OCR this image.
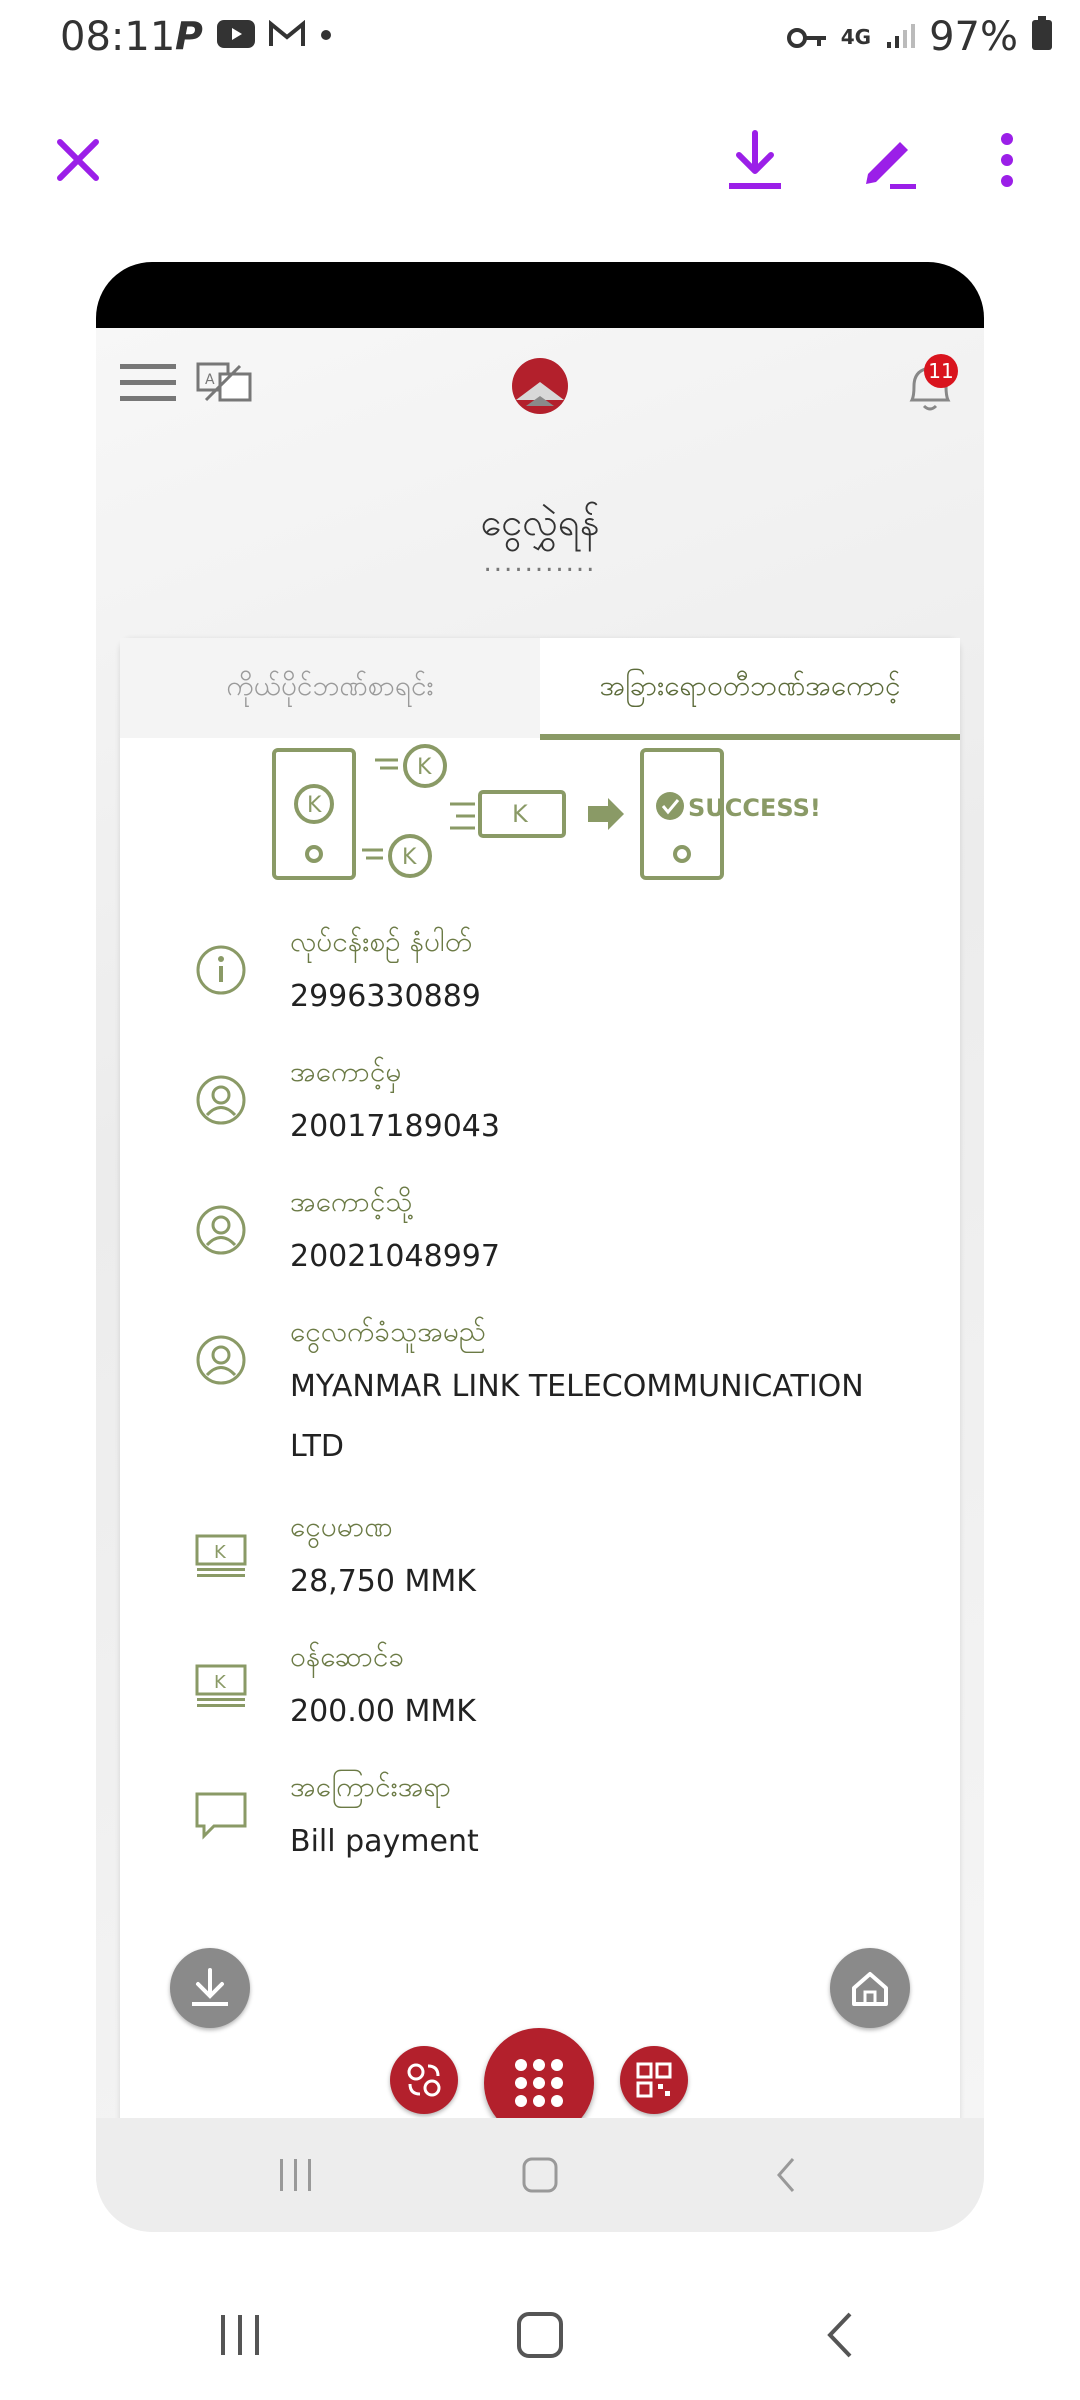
08:11 P	4G 97%
A	11
ငွေလွှဲရန်
...........
ကိုယ်ပိုင်ဘဏ်စာရင်း	အခြားရောဝတီဘဏ်အကောင့်
K
K
K
K	SUCCESS!
လုပ်ငန်းစဉ် နံပါတ်
2996330889
အကောင့်မှ
20017189043
အကောင့်သို့
20021048997
ငွေလက်ခံသူအမည်
MYANMAR LINK TELECOMMUNICATION LTD
K
ငွေပမာဏ
28,750 MMK
K
ဝန်ဆောင်ခ
200.00 MMK
အကြောင်းအရာ
Bill payment
